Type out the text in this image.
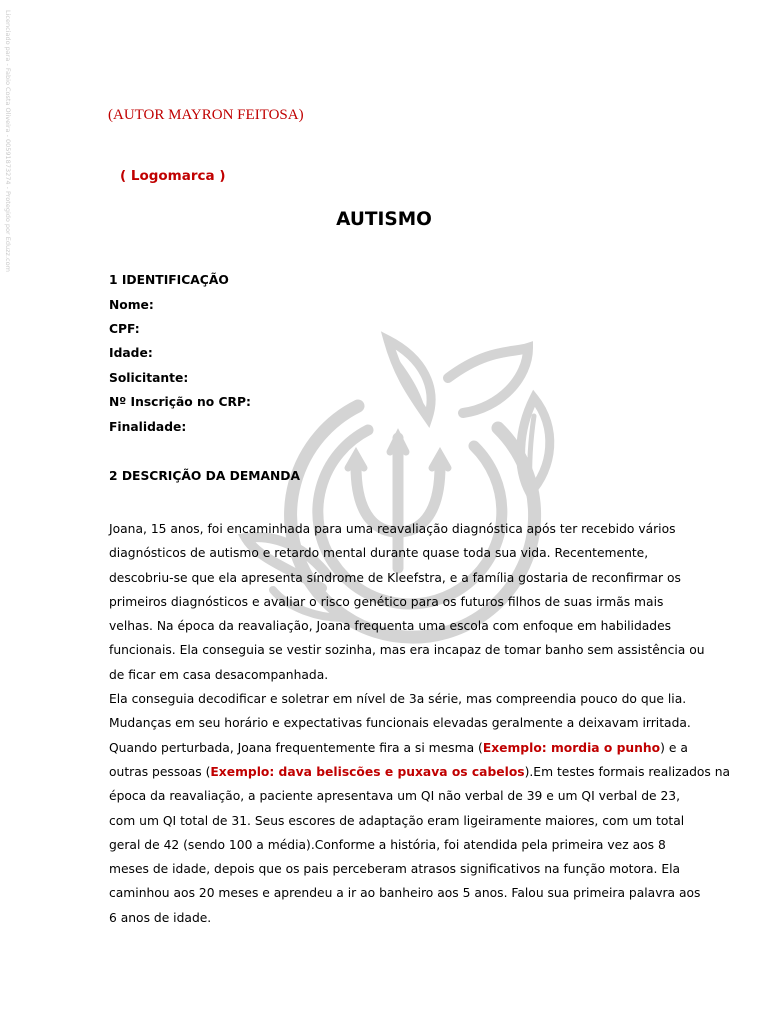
Licenciado para - Fabio Costa Oliveira - 00591873274 - Protegido por Eduzz.com	(AUTOR MAYRON FEITOSA)
( Logomarca )
AUTISMO
1 IDENTIFICAÇÃO
Nome:
CPF:
Idade:
Solicitante:
Nº Inscrição no CRP:
Finalidade:
2 DESCRIÇÃO DA DEMANDA
Joana, 15 anos, foi encaminhada para uma reavaliação diagnóstica após ter recebido vários
diagnósticos de autismo e retardo mental durante quase toda sua vida. Recentemente,
descobriu-se que ela apresenta síndrome de Kleefstra, e a família gostaria de reconfirmar os
primeiros diagnósticos e avaliar o risco genético para os futuros filhos de suas irmãs mais
velhas. Na época da reavaliação, Joana frequenta uma escola com enfoque em habilidades
funcionais. Ela conseguia se vestir sozinha, mas era incapaz de tomar banho sem assistência ou
de ficar em casa desacompanhada.
Ela conseguia decodificar e soletrar em nível de 3a série, mas compreendia pouco do que lia.
Mudanças em seu horário e expectativas funcionais elevadas geralmente a deixavam irritada.
Quando perturbada, Joana frequentemente fira a si mesma (Exemplo: mordia o punho) e a
outras pessoas (Exemplo: dava beliscões e puxava os cabelos).Em testes formais realizados na
época da reavaliação, a paciente apresentava um QI não verbal de 39 e um QI verbal de 23,
com um QI total de 31. Seus escores de adaptação eram ligeiramente maiores, com um total
geral de 42 (sendo 100 a média).Conforme a história, foi atendida pela primeira vez aos 8
meses de idade, depois que os pais perceberam atrasos significativos na função motora. Ela
caminhou aos 20 meses e aprendeu a ir ao banheiro aos 5 anos. Falou sua primeira palavra aos
6 anos de idade.
